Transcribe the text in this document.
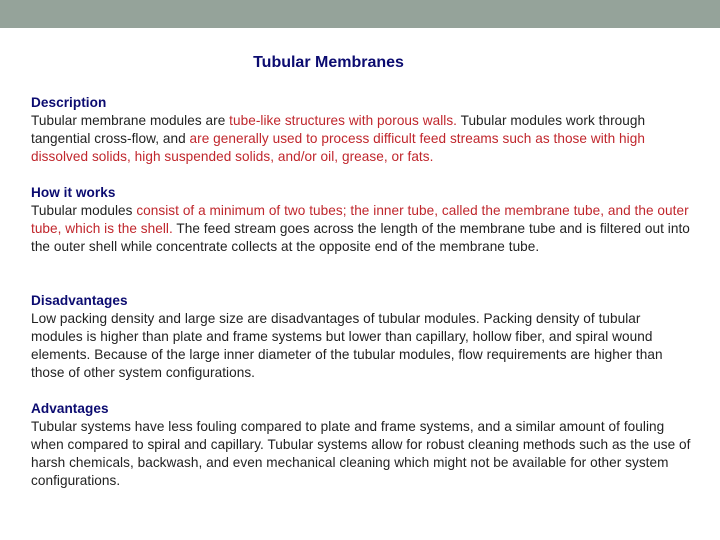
Tubular Membranes
Description

Tubular membrane modules are tube-like structures with porous walls. Tubular modules work through tangential cross-flow, and are generally used to process difficult feed streams such as those with high dissolved solids, high suspended solids, and/or oil, grease, or fats.

How it works

Tubular modules consist of a minimum of two tubes; the inner tube, called the membrane tube, and the outer tube, which is the shell. The feed stream goes across the length of the membrane tube and is filtered out into the outer shell while concentrate collects at the opposite end of the membrane tube.

Disadvantages

Low packing density and large size are disadvantages of tubular modules. Packing density of tubular modules is higher than plate and frame systems but lower than capillary, hollow fiber, and spiral wound elements. Because of the large inner diameter of the tubular modules, flow requirements are higher than those of other system configurations.

Advantages

Tubular systems have less fouling compared to plate and frame systems, and a similar amount of fouling when compared to spiral and capillary. Tubular systems allow for robust cleaning methods such as the use of harsh chemicals, backwash, and even mechanical cleaning which might not be available for other system configurations.
